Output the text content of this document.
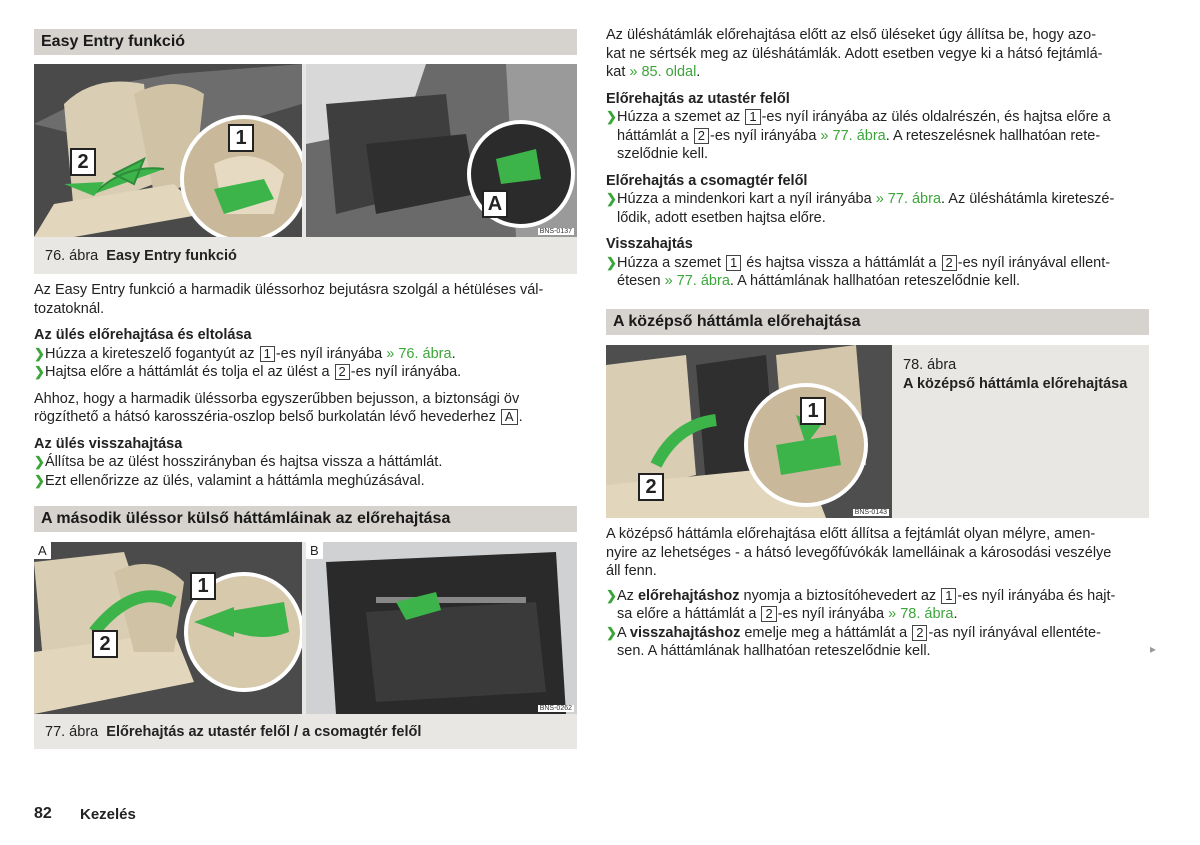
Easy Entry funkció
1
2
A
BNS-0137
76. ábra Easy Entry funkció

Az Easy Entry funkció a harmadik üléssorhoz bejutásra szolgál a hétüléses vál-

tozatoknál.

Az ülés előrehajtása és eltolása

❯ Húzza a kireteszelő fogantyút az 1 -es nyíl irányába » 76. ábra.
❯ Hajtsa előre a háttámlát és tolja el az ülést a 2 -es nyíl irányába.

Ahhoz, hogy a harmadik üléssorba egyszerűbben bejusson, a biztonsági öv

rögzíthető a hátsó karosszéria-oszlop belső burkolatán lévő hevederhez A .

Az ülés visszahajtása

❯ Állítsa be az ülést hosszirányban és hajtsa vissza a háttámlát.
❯ Ezt ellenőrizze az ülés, valamint a háttámla meghúzásával.
A második üléssor külső háttámláinak az előrehajtása
A
1
2
B
BNS-0262
77. ábra Előrehajtás az utastér felől / a csomagtér felől
82 Kezelés

Az üléshátámlák előrehajtása előtt az első üléseket úgy állítsa be, hogy azo-

kat ne sértsék meg az üléshátámlák. Adott esetben vegye ki a hátsó fejtámlá-

kat » 85. oldal.

Előrehajtás az utastér felől

❯ Húzza a szemet az 1 -es nyíl irányába az ülés oldalrészén, és hajtsa előre a

háttámlát a 2 -es nyíl irányába » 77. ábra. A reteszelésnek hallhatóan rete-

szelődnie kell.

Előrehajtás a csomagtér felől

❯ Húzza a mindenkori kart a nyíl irányába » 77. ábra. Az üléshátámla kireteszé-

lődik, adott esetben hajtsa előre.

Visszahajtás

❯ Húzza a szemet 1 és hajtsa vissza a háttámlát a 2 -es nyíl irányával ellent-

étesen » 77. ábra. A háttámlának hallhatóan reteszelődnie kell.

A középső háttámla előrehajtása
1
2
BNS-0143
78. ábra
A középső háttámla előrehajtása

A középső háttámla előrehajtása előtt állítsa a fejtámlát olyan mélyre, amen-

nyire az lehetséges - a hátsó levegőfúvókák lamelláinak a károsodási veszélye

áll fenn.

❯ Az előrehajtáshoz nyomja a biztosítóhevedert az 1 -es nyíl irányába és hajt-

sa előre a háttámlát a 2 -es nyíl irányába » 78. ábra.

❯ A visszahajtáshoz emelje meg a háttámlát a 2 -as nyíl irányával ellentéte-

sen. A háttámlának hallhatóan reteszelődnie kell.	▸
